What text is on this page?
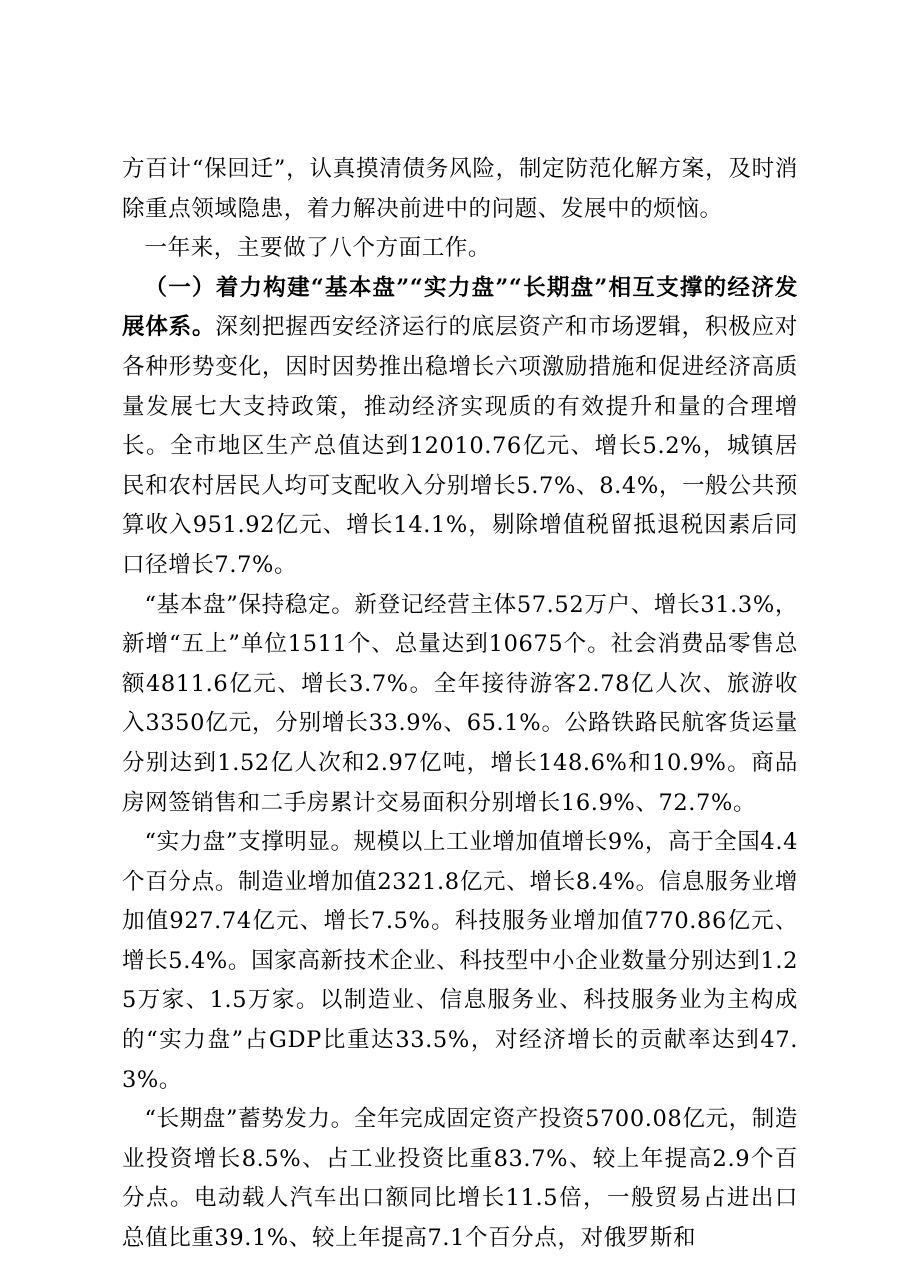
方百计“保回迁”，认真摸清债务风险，制定防范化解方案，及时消除重点领域隐患，着力解决前进中的问题、发展中的烦恼。

一年来，主要做了八个方面工作。

（一）着力构建“基本盘”“实力盘”“长期盘”相互支撑的经济发展体系。深刻把握西安经济运行的底层资产和市场逻辑，积极应对各种形势变化，因时因势推出稳增长六项激励措施和促进经济高质量发展七大支持政策，推动经济实现质的有效提升和量的合理增长。全市地区生产总值达到12010.76亿元、增长5.2%，城镇居民和农村居民人均可支配收入分别增长5.7%、8.4%，一般公共预算收入951.92亿元、增长14.1%，剔除增值税留抵退税因素后同口径增长7.7%。

“基本盘”保持稳定。新登记经营主体57.52万户、增长31.3%，新增“五上”单位1511个、总量达到10675个。社会消费品零售总额4811.6亿元、增长3.7%。全年接待游客2.78亿人次、旅游收入3350亿元，分别增长33.9%、65.1%。公路铁路民航客货运量分别达到1.52亿人次和2.97亿吨，增长148.6%和10.9%。商品房网签销售和二手房累计交易面积分别增长16.9%、72.7%。

“实力盘”支撑明显。规模以上工业增加值增长9%，高于全国4.4个百分点。制造业增加值2321.8亿元、增长8.4%。信息服务业增加值927.74亿元、增长7.5%。科技服务业增加值770.86亿元、增长5.4%。国家高新技术企业、科技型中小企业数量分别达到1.25万家、1.5万家。以制造业、信息服务业、科技服务业为主构成的“实力盘”占GDP比重达33.5%，对经济增长的贡献率达到47.3%。

“长期盘”蓄势发力。全年完成固定资产投资5700.08亿元，制造业投资增长8.5%、占工业投资比重83.7%、较上年提高2.9个百分点。电动载人汽车出口额同比增长11.5倍，一般贸易占进出口总值比重39.1%、较上年提高7.1个百分点，对俄罗斯和
